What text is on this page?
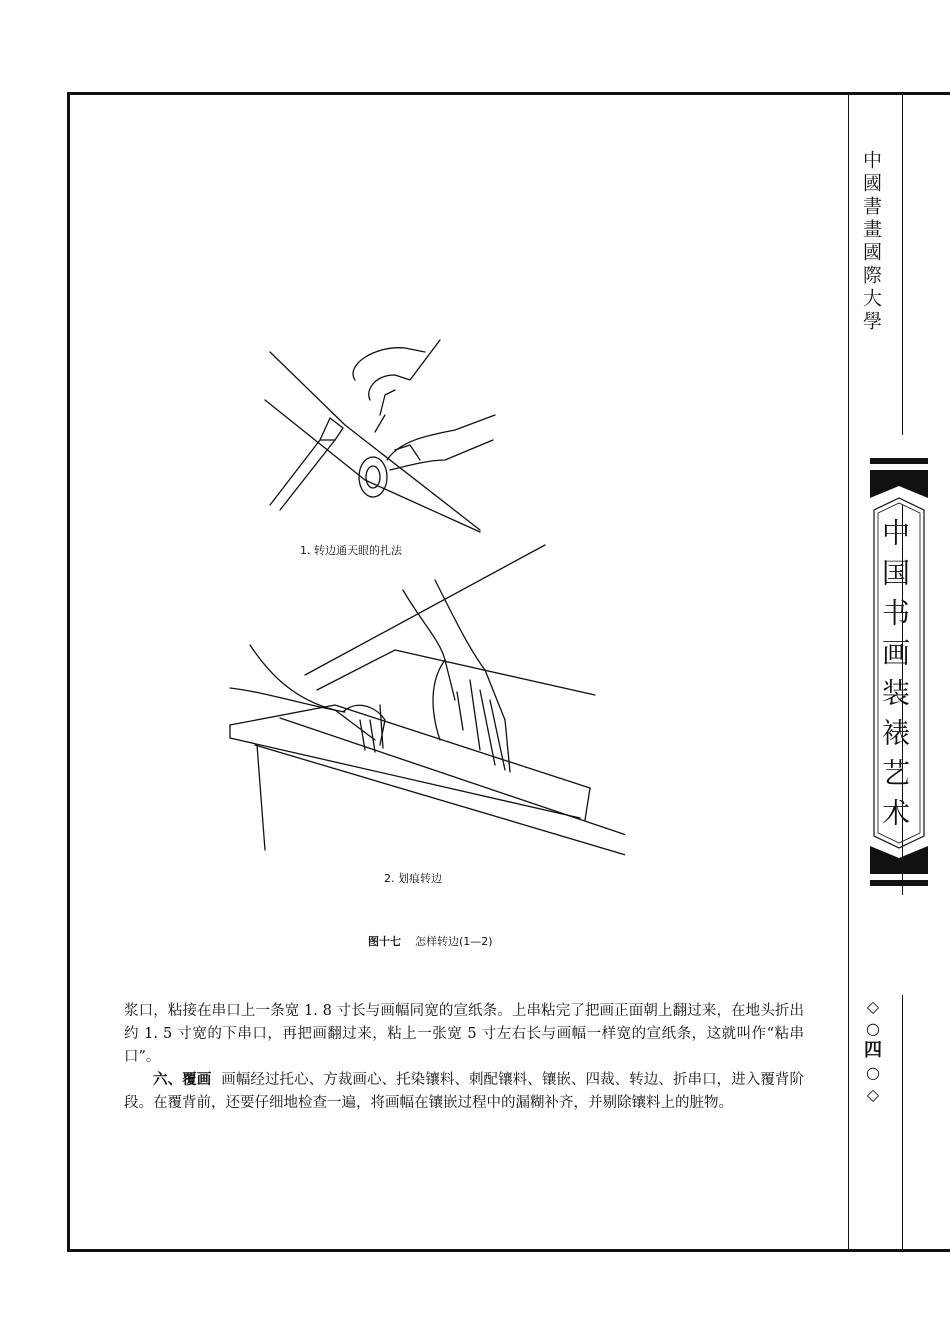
中國書畫國際大學
中国书画装裱艺术
◇
○
四
○
◇
1. 转边通天眼的扎法
2. 划痕转边
图十七 怎样转边(1—2)

浆口，粘接在串口上一条宽 1. 8 寸长与画幅同宽的宣纸条。上串粘完了把画正面朝上翻过来，在地头折出约 1. 5 寸宽的下串口，再把画翻过来，粘上一张宽 5 寸左右长与画幅一样宽的宣纸条，这就叫作“粘串口”。

六、覆画 画幅经过托心、方裁画心、托染镶料、刺配镶料、镶嵌、四裁、转边、折串口，进入覆背阶段。在覆背前，还要仔细地检查一遍，将画幅在镶嵌过程中的漏糊补齐，并剔除镶料上的脏物。
